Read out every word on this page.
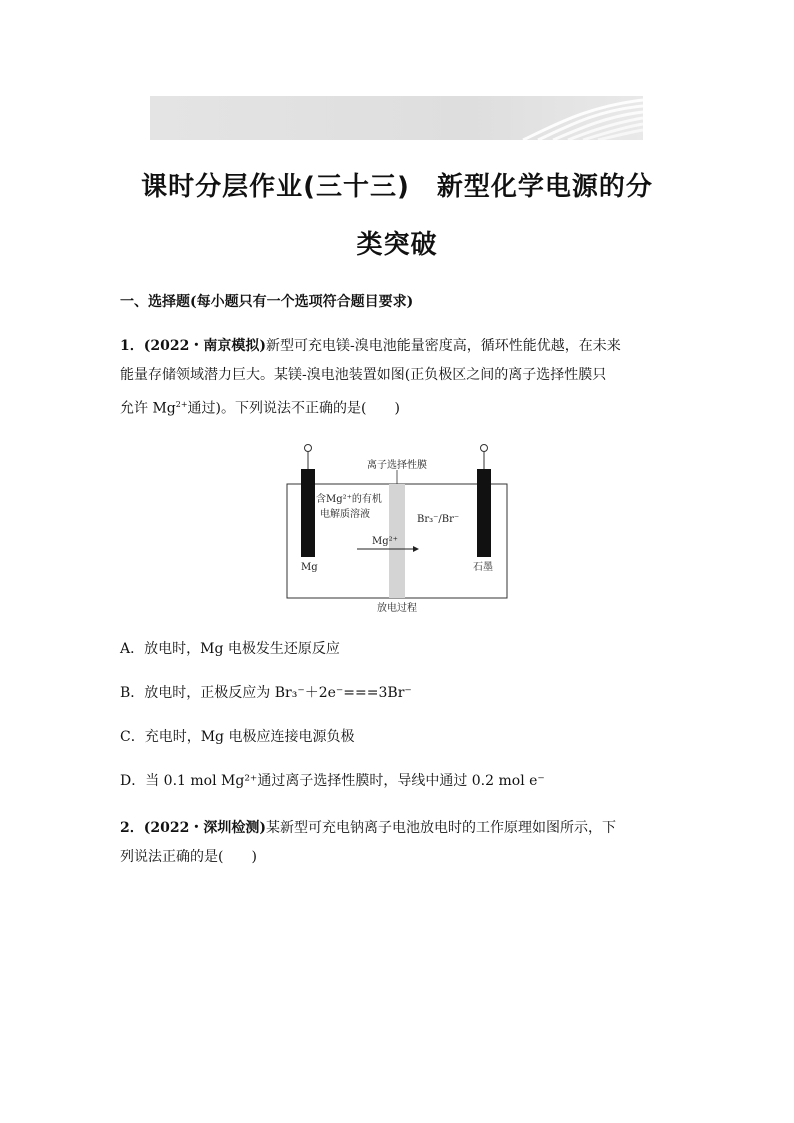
课时分层作业(三十三)　新型化学电源的分
类突破
一、选择题(每小题只有一个选项符合题目要求)
1．(2022・南京模拟)新型可充电镁-溴电池能量密度高，循环性能优越，在未来
能量存储领域潜力巨大。某镁-溴电池装置如图(正负极区之间的离子选择性膜只
允许 $Mg^{2+}$通过)。下列说法不正确的是(　　)
离子选择性膜
含Mg²⁺的有机
电解质溶液	Br₃⁻/Br⁻
Mg²⁺
Mg	石墨
放电过程
A．放电时，Mg 电极发生还原反应
B．放电时，正极反应为 Br₃⁻＋2e⁻===3Br⁻
C．充电时，Mg 电极应连接电源负极
D．当 0.1 mol Mg²⁺通过离子选择性膜时，导线中通过 0.2 mol e⁻
2．(2022・深圳检测)某新型可充电钠离子电池放电时的工作原理如图所示，下
列说法正确的是(　　)
